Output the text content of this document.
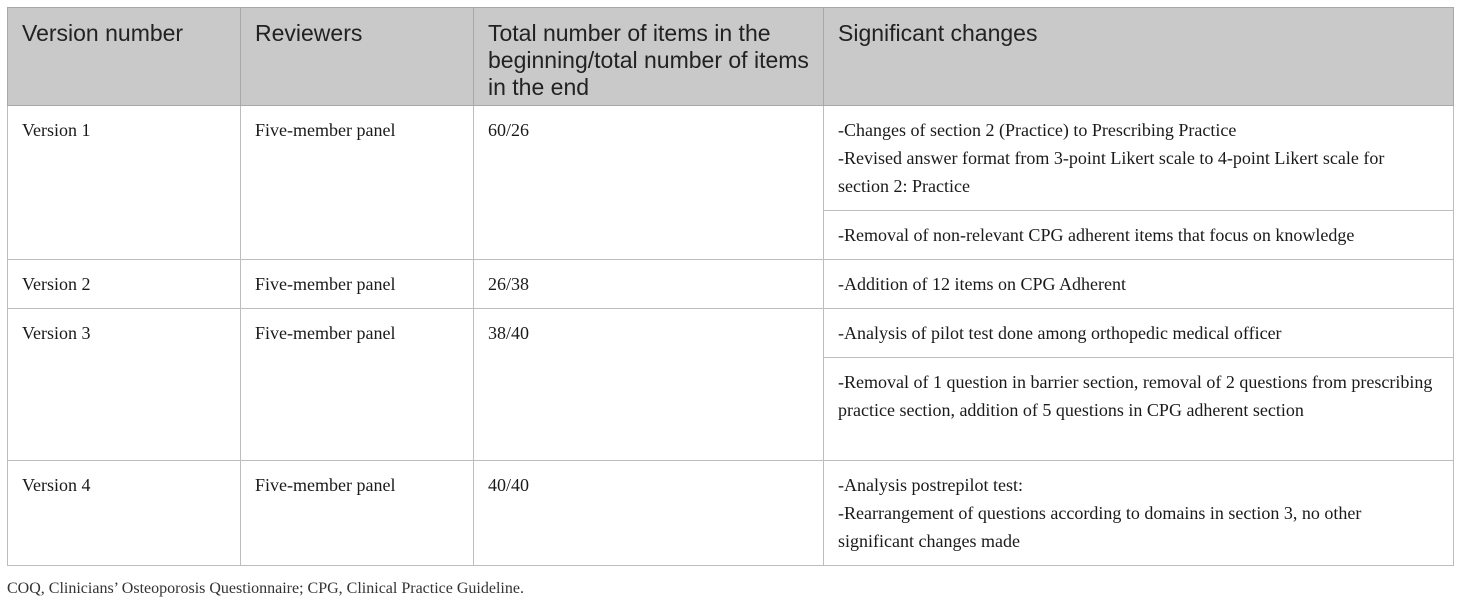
Version number	Reviewers	Total number of items in the beginning/total number of items in the end	Significant changes
Version 1	Five-member panel	60/26	-Changes of section 2 (Practice) to Prescribing Practice
-Revised answer format from 3-point Likert scale to 4-point Likert scale for section 2: Practice

			-Removal of non-relevant CPG adherent items that focus on knowledge

Version 2	Five-member panel	26/38	-Addition of 12 items on CPG Adherent

Version 3	Five-member panel	38/40	-Analysis of pilot test done among orthopedic medical officer

			-Removal of 1 question in barrier section, removal of 2 questions from prescribing practice section, addition of 5 questions in CPG adherent section

Version 4	Five-member panel	40/40	-Analysis postrepilot test:
-Rearrangement of questions according to domains in section 3, no other significant changes made
COQ, Clinicians’ Osteoporosis Questionnaire; CPG, Clinical Practice Guideline.
